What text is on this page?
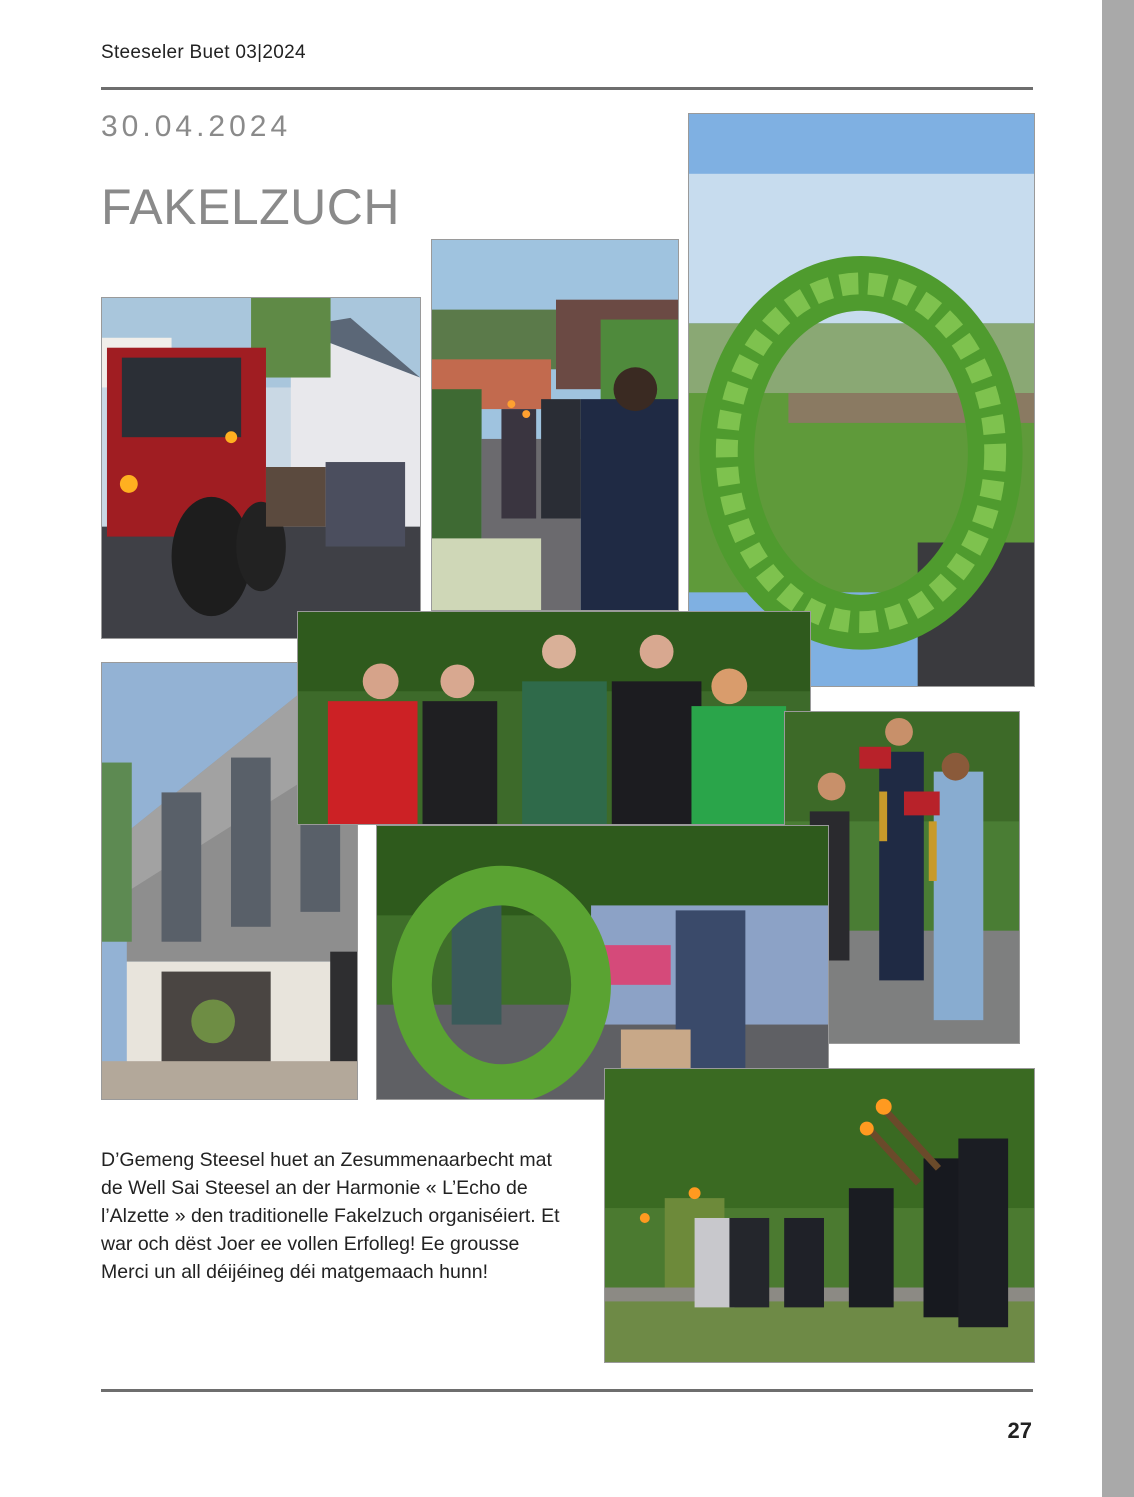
Steeseler Buet 03|2024
30.04.2024
FAKELZUCH
D’Gemeng Steesel huet an Zesummenaarbecht mat de Well Sai Steesel an der Harmonie « L’Echo de l’Alzette » den traditionelle Fakelzuch organiséiert. Et war och dëst Joer ee vollen Erfolleg! Ee grousse Merci un all déijéineg déi matgemaach hunn!
27
